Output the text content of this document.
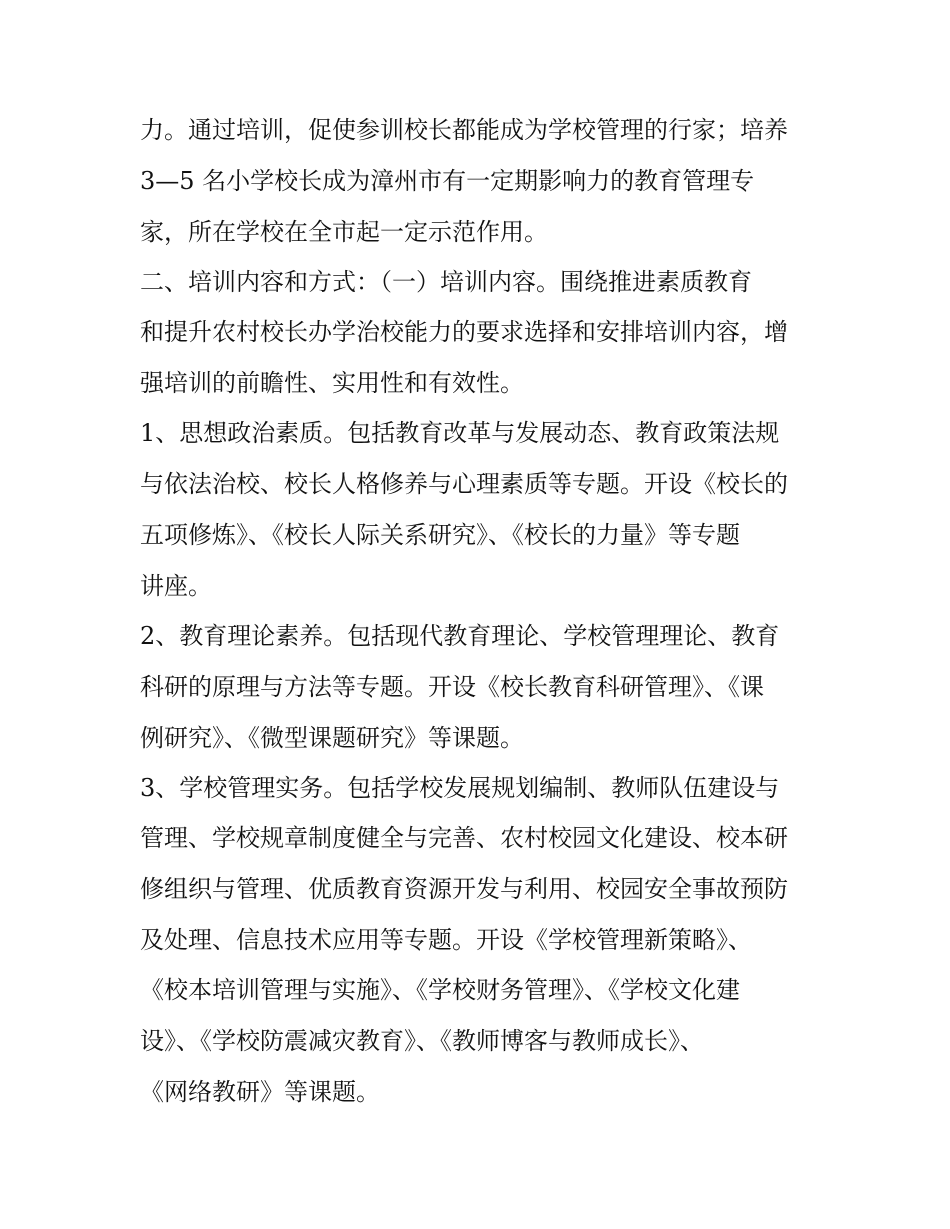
力。通过培训，促使参训校长都能成为学校管理的行家；培养
3—5 名小学校长成为漳州市有一定期影响力的教育管理专
家，所在学校在全市起一定示范作用。
二、培训内容和方式：（一）培训内容。围绕推进素质教育
和提升农村校长办学治校能力的要求选择和安排培训内容，增
强培训的前瞻性、实用性和有效性。
1、思想政治素质。包括教育改革与发展动态、教育政策法规
与依法治校、校长人格修养与心理素质等专题。开设《校长的
五项修炼》、《校长人际关系研究》、《校长的力量》等专题
讲座。
2、教育理论素养。包括现代教育理论、学校管理理论、教育
科研的原理与方法等专题。开设《校长教育科研管理》、《课
例研究》、《微型课题研究》等课题。
3、学校管理实务。包括学校发展规划编制、教师队伍建设与
管理、学校规章制度健全与完善、农村校园文化建设、校本研
修组织与管理、优质教育资源开发与利用、校园安全事故预防
及处理、信息技术应用等专题。开设《学校管理新策略》、
《校本培训管理与实施》、《学校财务管理》、《学校文化建
设》、《学校防震减灾教育》、《教师博客与教师成长》、
《网络教研》等课题。
